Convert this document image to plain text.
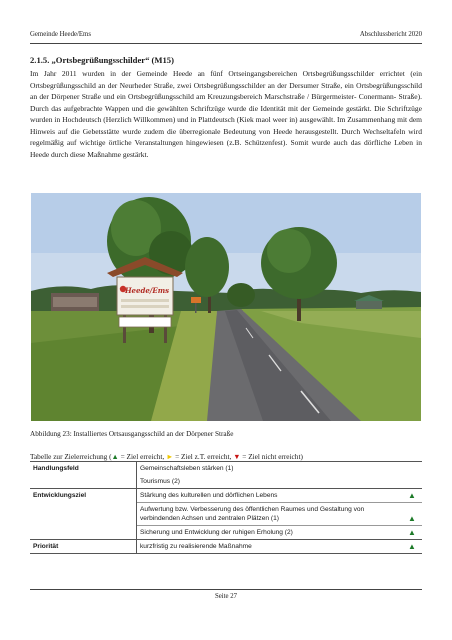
Gemeinde Heede/Ems	Abschlussbericht 2020
2.1.5. „Ortsbegrüßungsschilder“ (M15)

Im Jahr 2011 wurden in der Gemeinde Heede an fünf Ortseingangsbereichen Ortsbegrüßungsschilder errichtet (ein Ortsbegrüßungsschild an der Neurheder Straße, zwei Ortsbegrüßungsschilder an der Dersumer Straße, ein Ortsbegrüßungsschild an der Dörpener Straße und ein Ortsbegrüßungsschild am Kreuzungsbereich Marschstraße / Bürgermeister- Conermann- Straße). Durch das aufgebrachte Wappen und die gewählten Schriftzüge wurde die Identität mit der Gemeinde gestärkt. Die Schriftzüge wurden in Hochdeutsch (Herzlich Willkommen) und in Plattdeutsch (Kiek maol weer in) ausgewählt. Im Zusammenhang mit dem Hinweis auf die Gebetsstätte wurde zudem die überregionale Bedeutung von Heede herausgestellt. Durch Wechseltafeln wird regelmäßig auf wichtige örtliche Veranstaltungen hingewiesen (z.B. Schützenfest). Somit wurde auch das dörfliche Leben in Heede durch diese Maßnahme gestärkt.

Heede/Ems
Abbildung 23: Installiertes Ortsausgangsschild an der Dörpener Straße
Tabelle zur Zielerreichung (▲ = Ziel erreicht, ► = Ziel z.T. erreicht, ▼ = Ziel nicht erreicht)
Handlungsfeld	Gemeinschaftsleben stärken (1)	
	Tourismus (2)	
Entwicklungsziel	Stärkung des kulturellen und dörflichen Lebens	▲
	Aufwertung bzw. Verbesserung des öffentlichen Raumes und Gestaltung von verbindenden Achsen und zentralen Plätzen (1)	▲
	Sicherung und Entwicklung der ruhigen Erholung (2)	▲
Priorität	kurzfristig zu realisierende Maßnahme	▲
Seite 27
